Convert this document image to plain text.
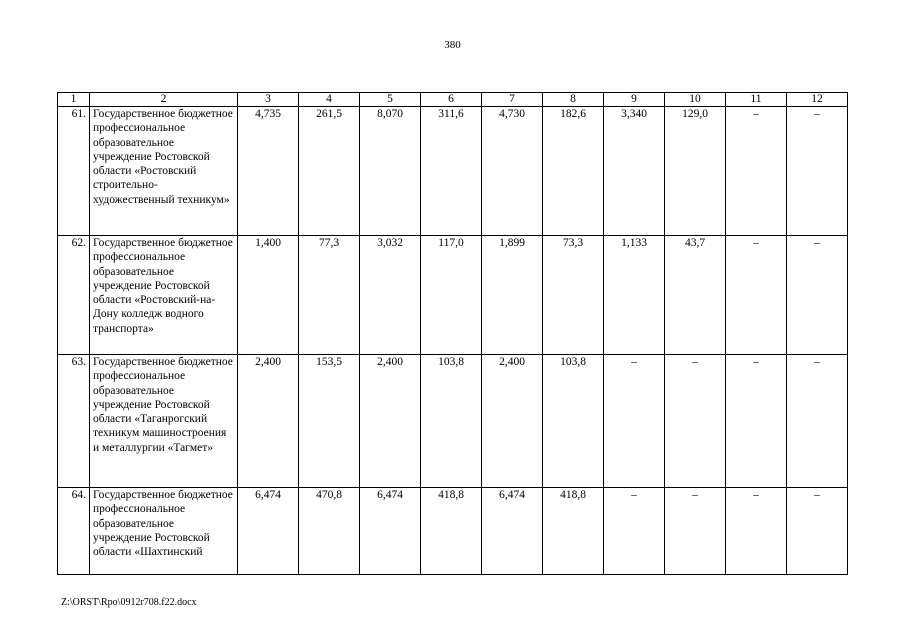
380
1	2	3	4	5	6	7	8	9	10	11	12
61.	Государственное бюджетное профессиональное образовательное учреждение Ростовской области «Ростовский строительно-художественный техникум»	4,735	261,5	8,070	311,6	4,730	182,6	3,340	129,0	–	–
62.	Государственное бюджетное профессиональное образовательное учреждение Ростовской области «Ростовский-на-Дону колледж водного транспорта»	1,400	77,3	3,032	117,0	1,899	73,3	1,133	43,7	–	–
63.	Государственное бюджетное профессиональное образовательное учреждение Ростовской области «Таганрогский техникум машиностроения и металлургии «Тагмет»	2,400	153,5	2,400	103,8	2,400	103,8	–	–	–	–
64.	Государственное бюджетное профессиональное образовательное учреждение Ростовской области «Шахтинский	6,474	470,8	6,474	418,8	6,474	418,8	–	–	–	–
Z:\ORST\Rpo\0912r708.f22.docx
